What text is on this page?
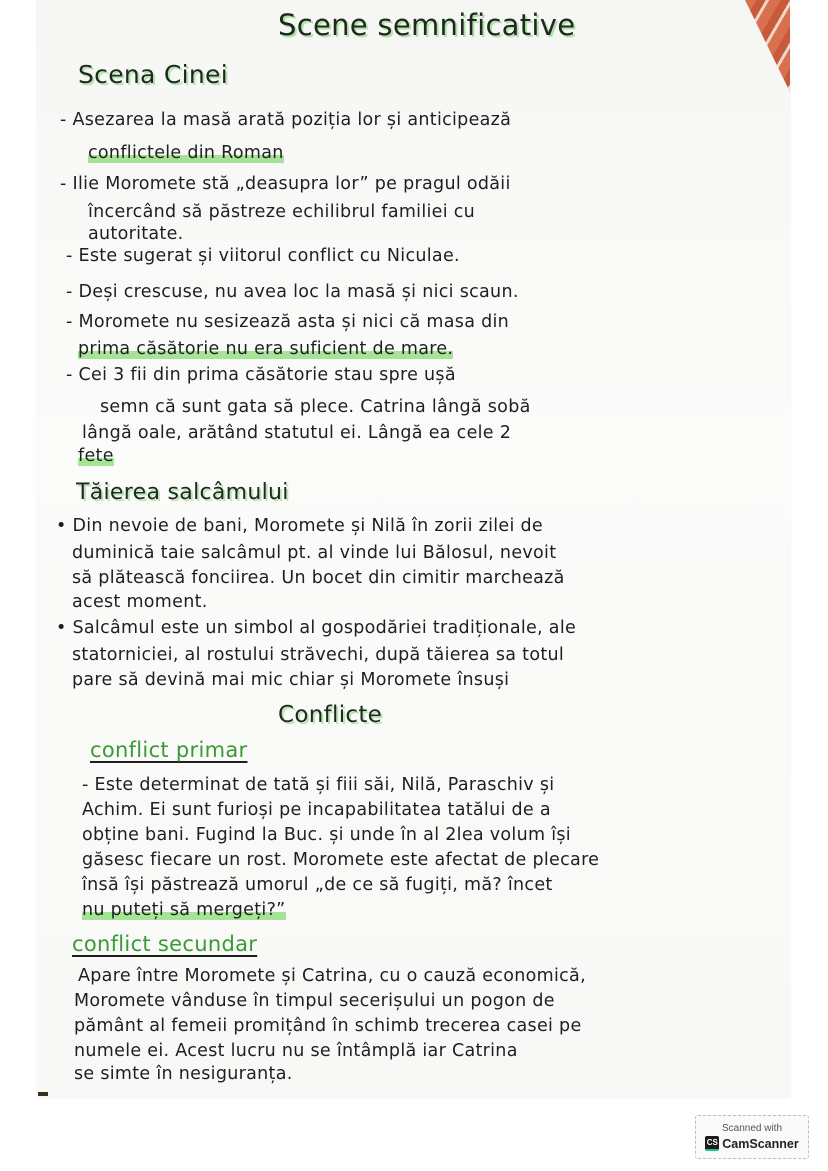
Scene semnificative
Scena Cinei
- Asezarea la masă arată poziția lor și anticipează
conflictele din Roman
- Ilie Moromete stă „deasupra lor” pe pragul odăii
încercând să păstreze echilibrul familiei cu
autoritate.
- Este sugerat și viitorul conflict cu Niculae.
- Deși crescuse, nu avea loc la masă și nici scaun.
- Moromete nu sesizează asta și nici că masa din
prima căsătorie nu era suficient de mare.
- Cei 3 fii din prima căsătorie stau spre ușă
semn că sunt gata să plece. Catrina lângă sobă
lângă oale, arătând statutul ei. Lângă ea cele 2
fete
Tăierea salcâmului
• Din nevoie de bani, Moromete și Nilă în zorii zilei de
duminică taie salcâmul pt. al vinde lui Bălosul, nevoit
să plătească fonciirea. Un bocet din cimitir marchează
acest moment.
• Salcâmul este un simbol al gospodăriei tradiționale, ale
statorniciei, al rostului străvechi, după tăierea sa totul
pare să devină mai mic chiar și Moromete însuși
Conflicte
conflict primar
- Este determinat de tată și fiii săi, Nilă, Paraschiv și
Achim. Ei sunt furioși pe incapabilitatea tatălui de a
obține bani. Fugind la Buc. și unde în al 2lea volum își
găsesc fiecare un rost. Moromete este afectat de plecare
însă își păstrează umorul „de ce să fugiți, mă? încet
nu puteți să mergeți?”
conflict secundar
Apare între Moromete și Catrina, cu o cauză economică,
Moromete vânduse în timpul secerișului un pogon de
pământ al femeii promițând în schimb trecerea casei pe
numele ei. Acest lucru nu se întâmplă iar Catrina
se simte în nesiguranța.
Scanned with
CS CamScanner
